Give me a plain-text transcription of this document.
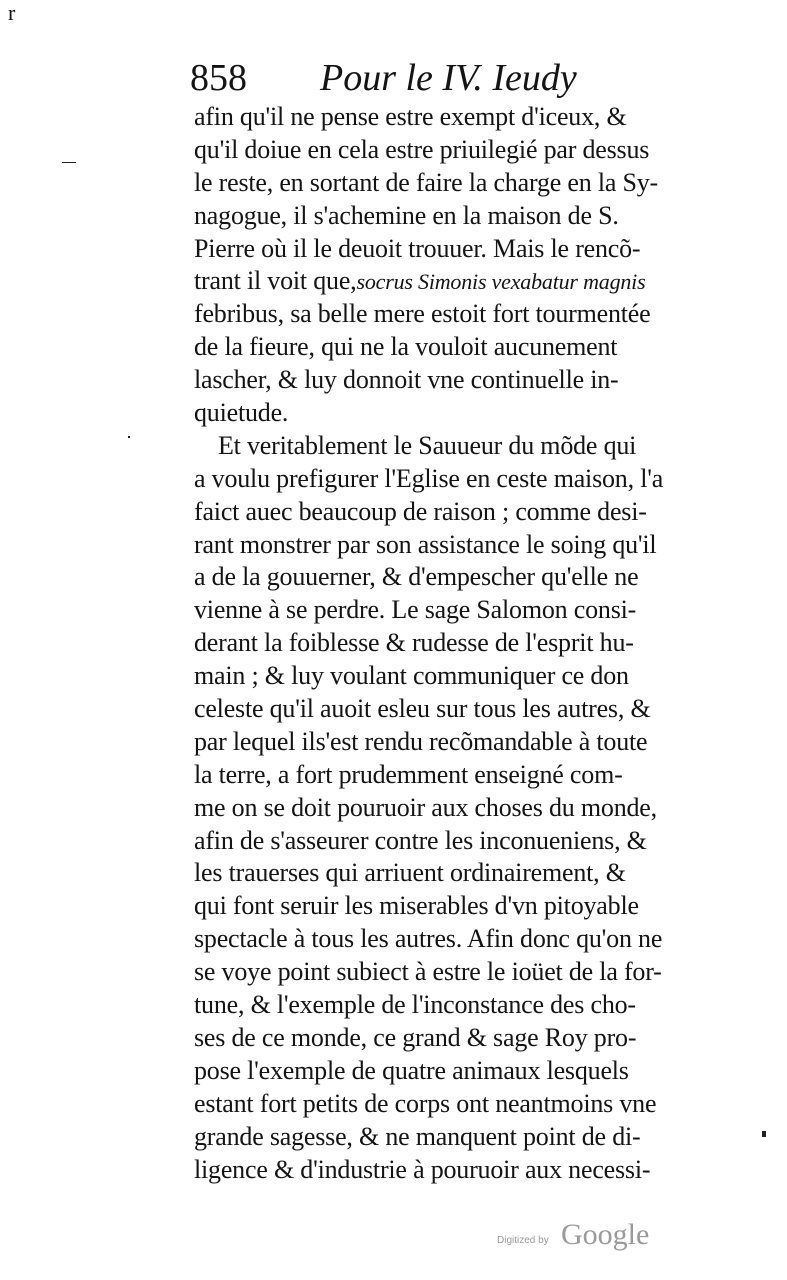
r
858 Pour le IV. Ieudy
afin qu'il ne pense estre exempt d'iceux, &
qu'il doiue en cela estre priuilegié par dessus
le reste, en sortant de faire la charge en la Sy-
nagogue, il s'achemine en la maison de S.
Pierre où il le deuoit trouuer. Mais le rencõ-
trant il voit que,socrus Simonis vexabatur magnis
febribus, sa belle mere estoit fort tourmentée
de la fieure, qui ne la vouloit aucunement
lascher, & luy donnoit vne continuelle in-
quietude.
Et veritablement le Sauueur du mõde qui
a voulu prefigurer l'Eglise en ceste maison, l'a
faict auec beaucoup de raison ; comme desi-
rant monstrer par son assistance le soing qu'il
a de la gouuerner, & d'empescher qu'elle ne
vienne à se perdre. Le sage Salomon consi-
derant la foiblesse & rudesse de l'esprit hu-
main ; & luy voulant communiquer ce don
celeste qu'il auoit esleu sur tous les autres, &
par lequel ils'est rendu recõmandable à toute
la terre, a fort prudemment enseigné com-
me on se doit pouruoir aux choses du monde,
afin de s'asseurer contre les inconueniens, &
les trauerses qui arriuent ordinairement, &
qui font seruir les miserables d'vn pitoyable
spectacle à tous les autres. Afin donc qu'on ne
se voye point subiect à estre le ioüet de la for-
tune, & l'exemple de l'inconstance des cho-
ses de ce monde, ce grand & sage Roy pro-
pose l'exemple de quatre animaux lesquels
estant fort petits de corps ont neantmoins vne
grande sagesse, & ne manquent point de di-
ligence & d'industrie à pouruoir aux necessi-
Digitized by Google
